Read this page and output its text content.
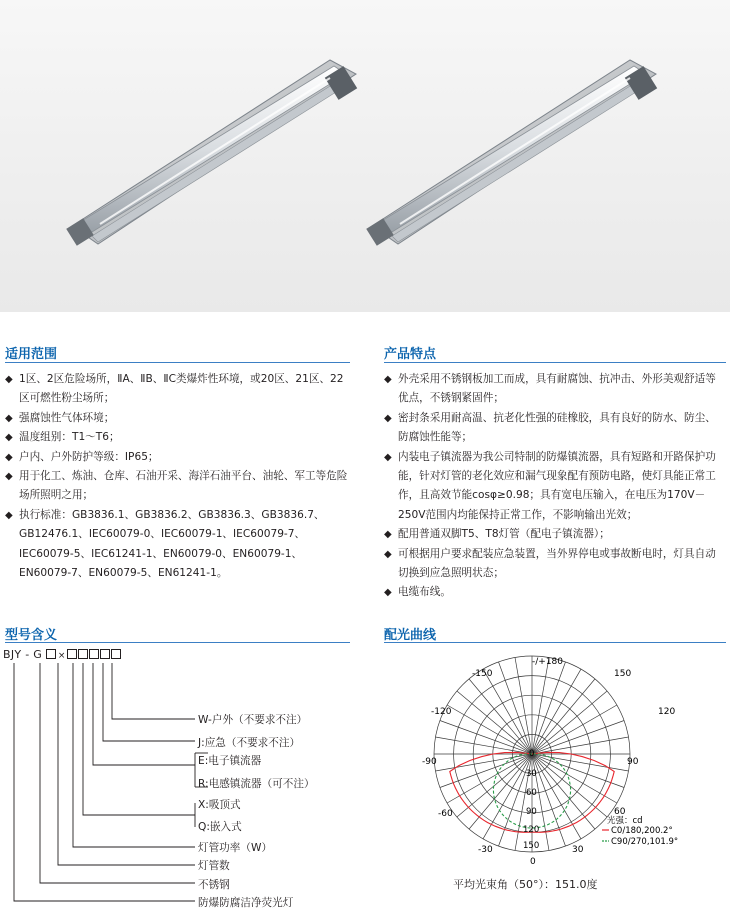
适用范围
◆ 1区、2区危险场所，ⅡA、ⅡB、ⅡC类爆炸性环境，或20区、21区、22区可燃性粉尘场所；
◆ 强腐蚀性气体环境；
◆ 温度组别：T1～T6；
◆ 户内、户外防护等级：IP65；
◆ 用于化工、炼油、仓库、石油开采、海洋石油平台、油轮、军工等危险场所照明之用；
◆ 执行标准：GB3836.1、GB3836.2、GB3836.3、GB3836.7、GB12476.1、IEC60079-0、IEC60079-1、IEC60079-7、IEC60079-5、IEC61241-1、EN60079-0、EN60079-1、EN60079-7、EN60079-5、EN61241-1。
产品特点
◆ 外壳采用不锈钢板加工而成，具有耐腐蚀、抗冲击、外形美观舒适等优点，不锈钢紧固件；
◆ 密封条采用耐高温、抗老化性强的硅橡胶，具有良好的防水、防尘、防腐蚀性能等；
◆ 内装电子镇流器为我公司特制的防爆镇流器，具有短路和开路保护功能，针对灯管的老化效应和漏气现象配有预防电路，使灯具能正常工作，且高效节能cosφ≥0.98；具有宽电压输入，在电压为170V－250V范围内均能保持正常工作，不影响输出光效；
◆ 配用普通双脚T5、T8灯管（配电子镇流器）；
◆ 可根据用户要求配装应急装置，当外界停电或事故断电时，灯具自动切换到应急照明状态；
◆ 电缆布线。
型号含义
BJY - G ×
W-户外（不要求不注）
J:应急（不要求不注）
E:电子镇流器
R:电感镇流器（可不注）
X:吸顶式
Q:嵌入式
灯管功率（W）
灯管数
不锈钢
防爆防腐洁净荧光灯
配光曲线
-/+180
-150	150
-120	120
-90	90
-60	60
-30	30
0
0
30
60
90
120
150
光强：cd
C0/180,200.2°
C90/270,101.9°
平均光束角（50°）：151.0度
